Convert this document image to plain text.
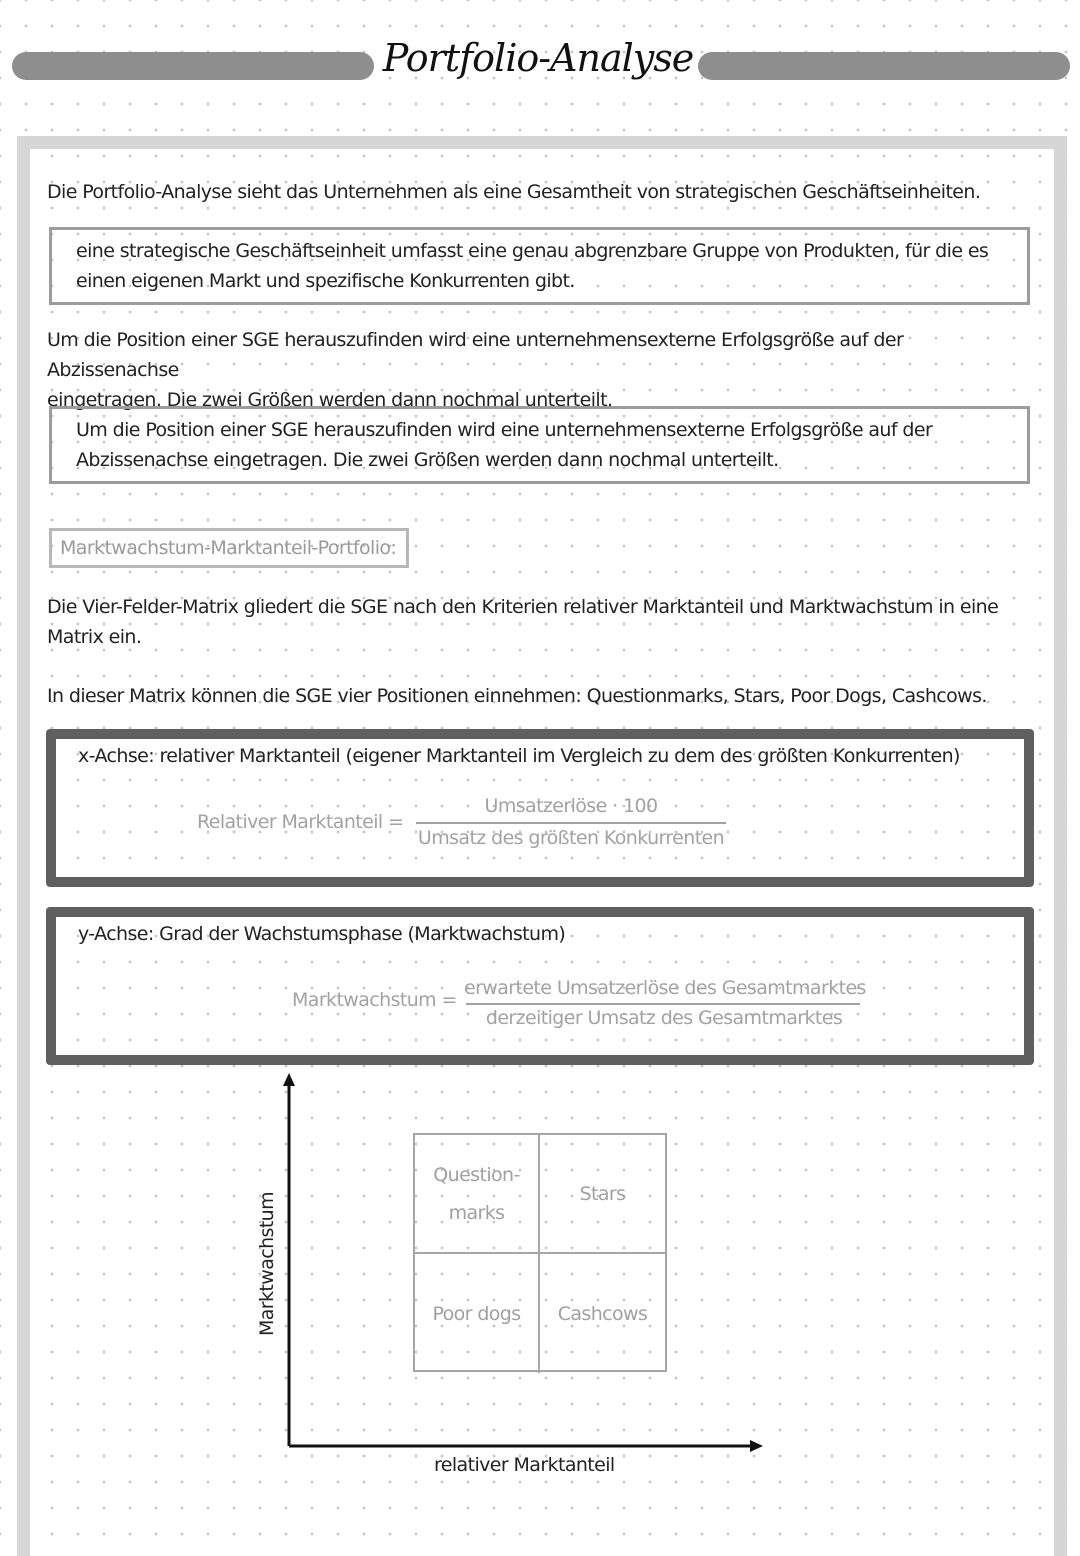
Portfolio-Analyse
Die Portfolio-Analyse sieht das Unternehmen als eine Gesamtheit von strategischen Geschäftseinheiten.
eine strategische Geschäftseinheit umfasst eine genau abgrenzbare Gruppe von Produkten, für die es
einen eigenen Markt und spezifische Konkurrenten gibt.
Um die Position einer SGE herauszufinden wird eine unternehmensexterne Erfolgsgröße auf der Abzissenachse
eingetragen. Die zwei Größen werden dann nochmal unterteilt.
Um die Position einer SGE herauszufinden wird eine unternehmensexterne Erfolgsgröße auf der
Abzissenachse eingetragen. Die zwei Größen werden dann nochmal unterteilt.
Marktwachstum-Marktanteil-Portfolio:
Die Vier-Felder-Matrix gliedert die SGE nach den Kriterien relativer Marktanteil und Marktwachstum in eine
Matrix ein.
In dieser Matrix können die SGE vier Positionen einnehmen: Questionmarks, Stars, Poor Dogs, Cashcows.
x-Achse: relativer Marktanteil (eigener Marktanteil im Vergleich zu dem des größten Konkurrenten)
Relativer Marktanteil =
Umsatzerlöse · 100
Umsatz des größten Konkurrenten
y-Achse: Grad der Wachstumsphase (Marktwachstum)
Marktwachstum =
erwartete Umsatzerlöse des Gesamtmarktes
derzeitiger Umsatz des Gesamtmarktes
Marktwachstum
relativer Marktanteil
Question-
marks
Stars
Poor dogs Cashcows
